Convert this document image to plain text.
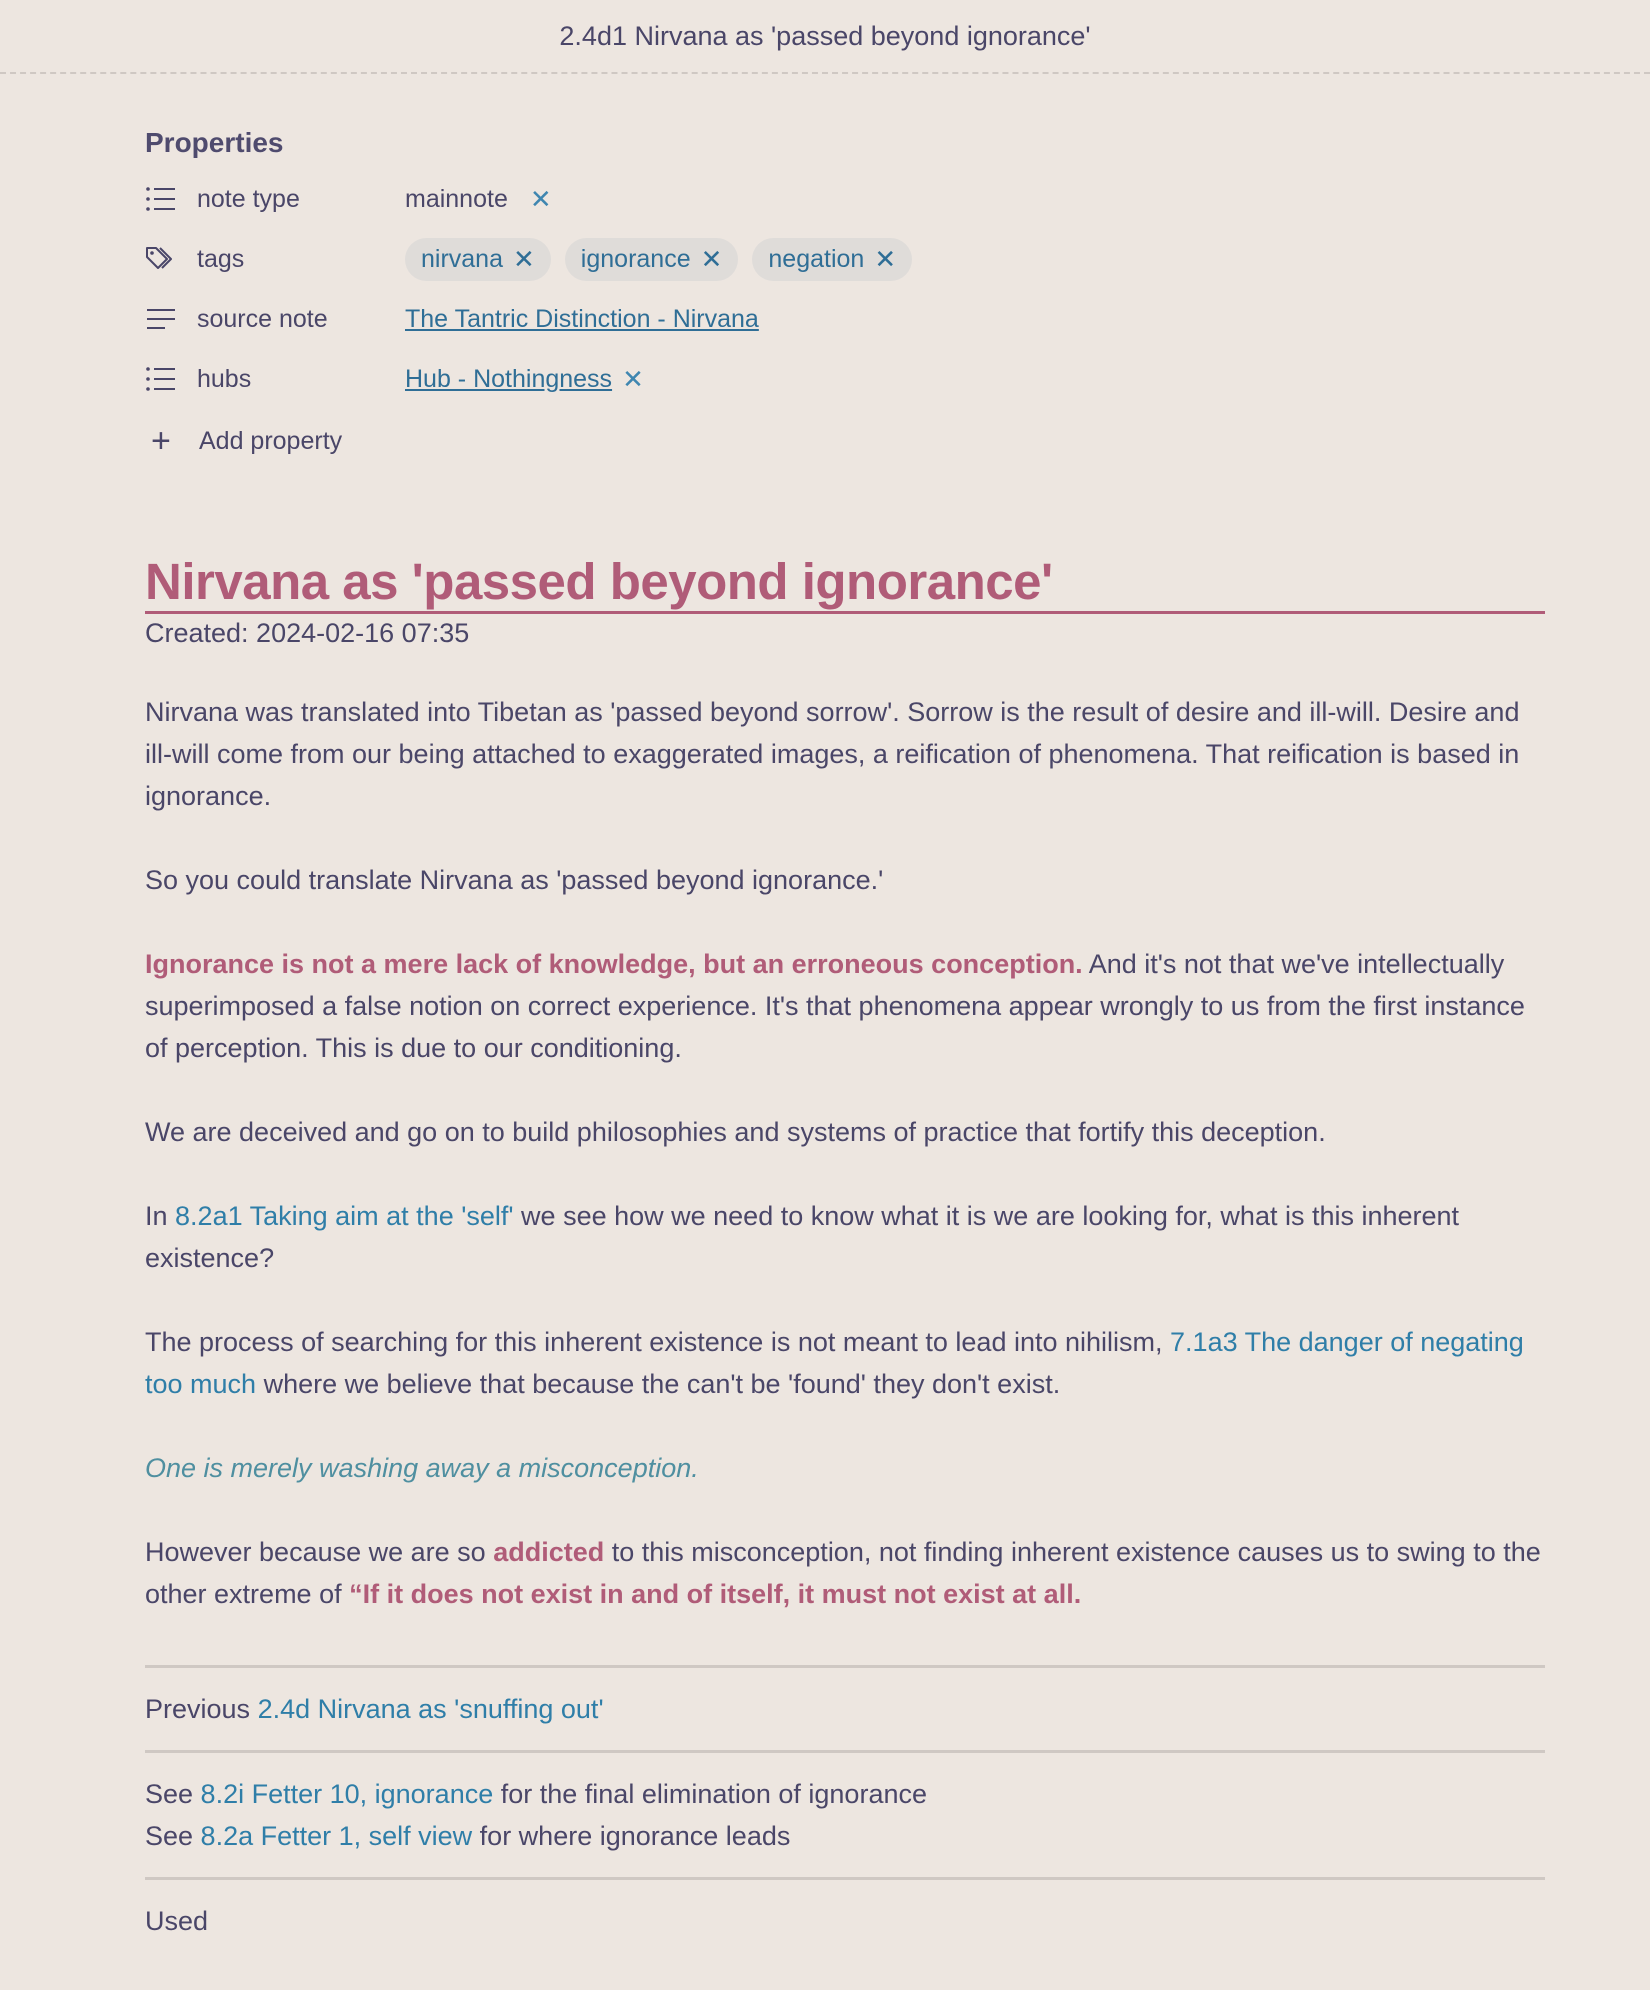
2.4d1 Nirvana as 'passed beyond ignorance'
Properties
note type	mainnote ✕
tags	nirvana ✕ ignorance ✕ negation ✕
source note	The Tantric Distinction - Nirvana
hubs	Hub - Nothingness ✕
+	Add property
Nirvana as 'passed beyond ignorance'
Created: 2024-02-16 07:35

Nirvana was translated into Tibetan as 'passed beyond sorrow'. Sorrow is the result of desire and ill-will. Desire and ill-will come from our being attached to exaggerated images, a reification of phenomena. That reification is based in ignorance.

So you could translate Nirvana as 'passed beyond ignorance.'

Ignorance is not a mere lack of knowledge, but an erroneous conception. And it's not that we've intellectually superimposed a false notion on correct experience. It's that phenomena appear wrongly to us from the first instance of perception. This is due to our conditioning.

We are deceived and go on to build philosophies and systems of practice that fortify this deception.

In 8.2a1 Taking aim at the 'self' we see how we need to know what it is we are looking for, what is this inherent existence?

The process of searching for this inherent existence is not meant to lead into nihilism, 7.1a3 The danger of negating too much where we believe that because the can't be 'found' they don't exist.

One is merely washing away a misconception.

However because we are so addicted to this misconception, not finding inherent existence causes us to swing to the other extreme of “If it does not exist in and of itself, it must not exist at all.

Previous 2.4d Nirvana as 'snuffing out'
See 8.2i Fetter 10, ignorance for the final elimination of ignorance
See 8.2a Fetter 1, self view for where ignorance leads
Used
